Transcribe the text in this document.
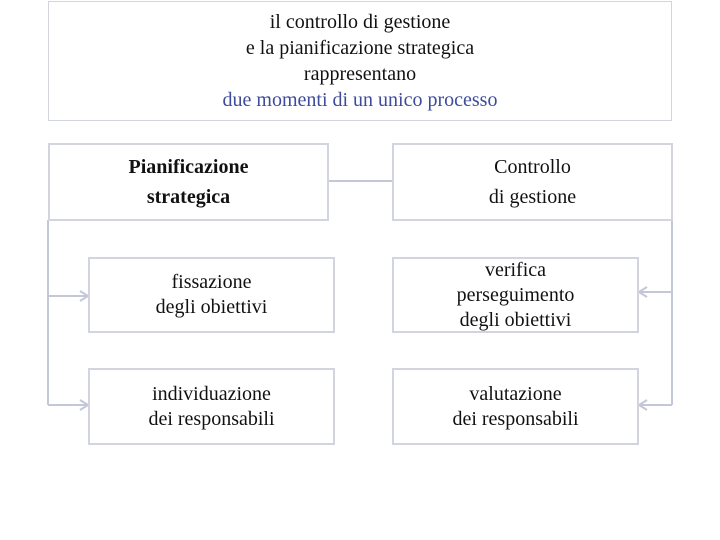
il controllo di gestione
e la pianificazione strategica
rappresentano
due momenti di un unico processo
Pianificazione
strategica
Controllo
di gestione
fissazione
degli obiettivi
individuazione
dei responsabili
verifica
perseguimento
degli obiettivi
valutazione
dei responsabili
